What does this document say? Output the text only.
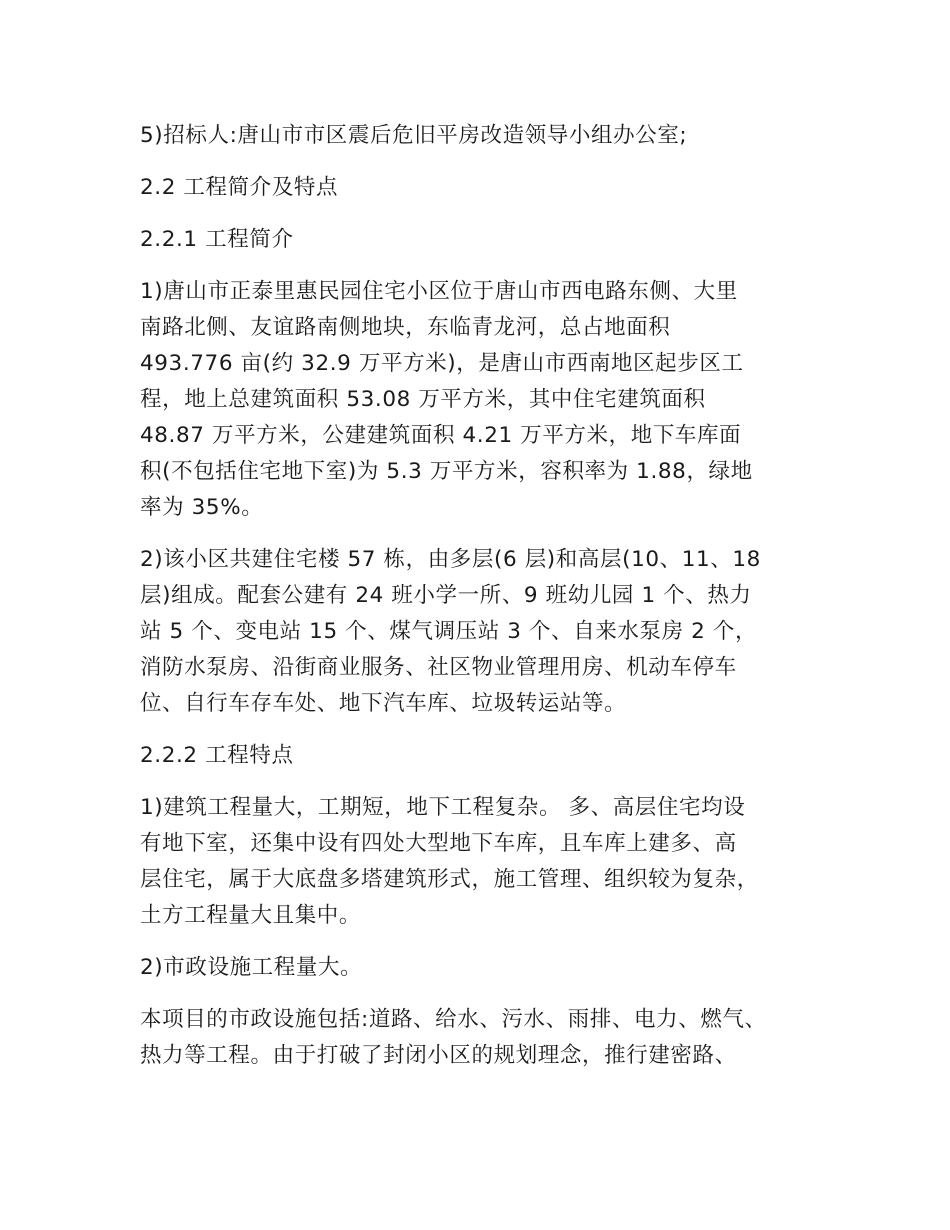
5)招标人:唐山市市区震后危旧平房改造领导小组办公室;

2.2 工程简介及特点

2.2.1 工程简介

1)唐山市正泰里惠民园住宅小区位于唐山市西电路东侧、大里
南路北侧、友谊路南侧地块，东临青龙河，总占地面积
493.776 亩(约 32.9 万平方米)，是唐山市西南地区起步区工
程，地上总建筑面积 53.08 万平方米，其中住宅建筑面积
48.87 万平方米，公建建筑面积 4.21 万平方米，地下车库面
积(不包括住宅地下室)为 5.3 万平方米，容积率为 1.88，绿地
率为 35%。

2)该小区共建住宅楼 57 栋，由多层(6 层)和高层(10、11、18
层)组成。配套公建有 24 班小学一所、9 班幼儿园 1 个、热力
站 5 个、变电站 15 个、煤气调压站 3 个、自来水泵房 2 个，
消防水泵房、沿街商业服务、社区物业管理用房、机动车停车
位、自行车存车处、地下汽车库、垃圾转运站等。

2.2.2 工程特点

1)建筑工程量大，工期短，地下工程复杂。 多、高层住宅均设
有地下室，还集中设有四处大型地下车库，且车库上建多、高
层住宅，属于大底盘多塔建筑形式，施工管理、组织较为复杂，
土方工程量大且集中。

2)市政设施工程量大。

本项目的市政设施包括:道路、给水、污水、雨排、电力、燃气、
热力等工程。由于打破了封闭小区的规划理念，推行建密路、
